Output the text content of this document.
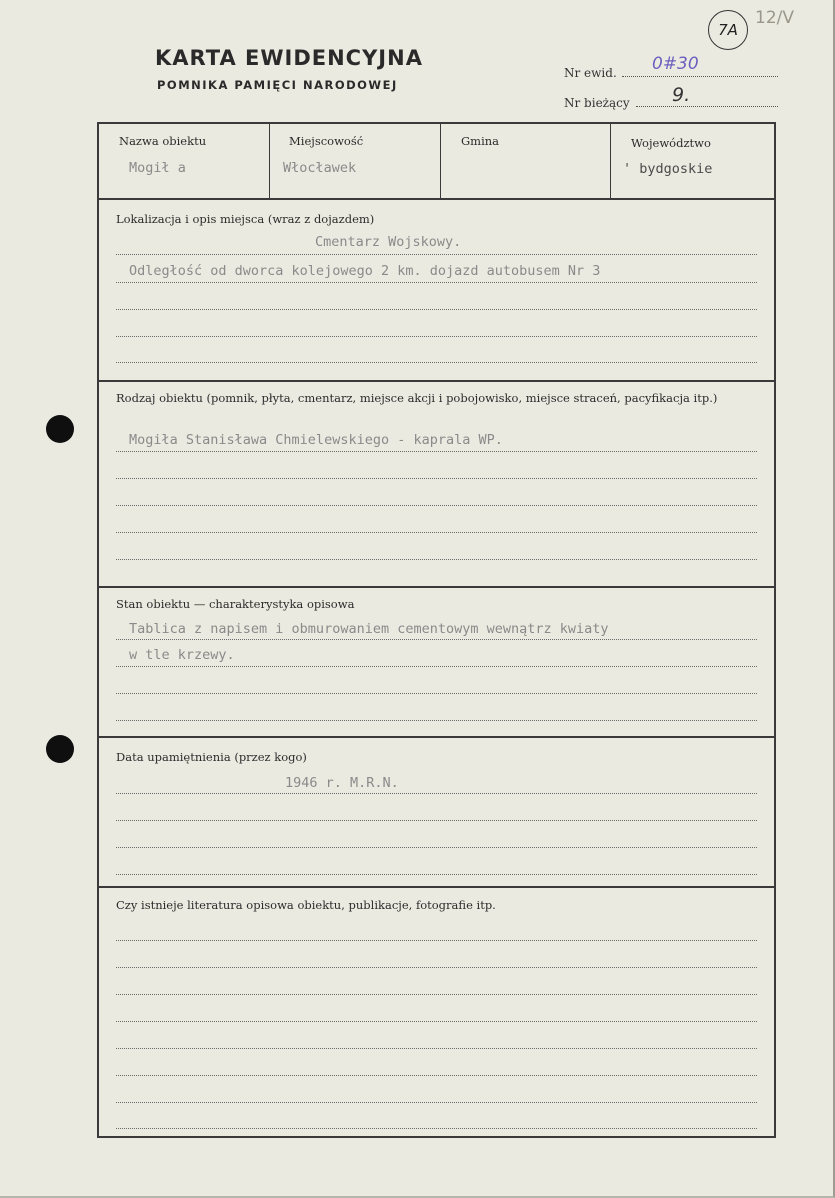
KARTA EWIDENCYJNA
POMNIKA PAMIĘCI NARODOWEJ
7A
12/V
Nr ewid. 0#30
Nr bieżący 9.
Nazwa obiektu
Mogił a
Miejscowość
Włocławek
Gmina	Województwo
' bydgoskie
Lokalizacja i opis miejsca (wraz z dojazdem)
Cmentarz Wojskowy.
Odległość od dworca kolejowego 2 km. dojazd autobusem Nr 3
Rodzaj obiektu (pomnik, płyta, cmentarz, miejsce akcji i pobojowisko, miejsce straceń, pacyfikacja itp.)
Mogiła Stanisława Chmielewskiego - kaprala WP.
Stan obiektu — charakterystyka opisowa
Tablica z napisem i obmurowaniem cementowym wewnątrz kwiaty
w tle krzewy.
Data upamiętnienia (przez kogo)
1946 r. M.R.N.
Czy istnieje literatura opisowa obiektu, publikacje, fotografie itp.
